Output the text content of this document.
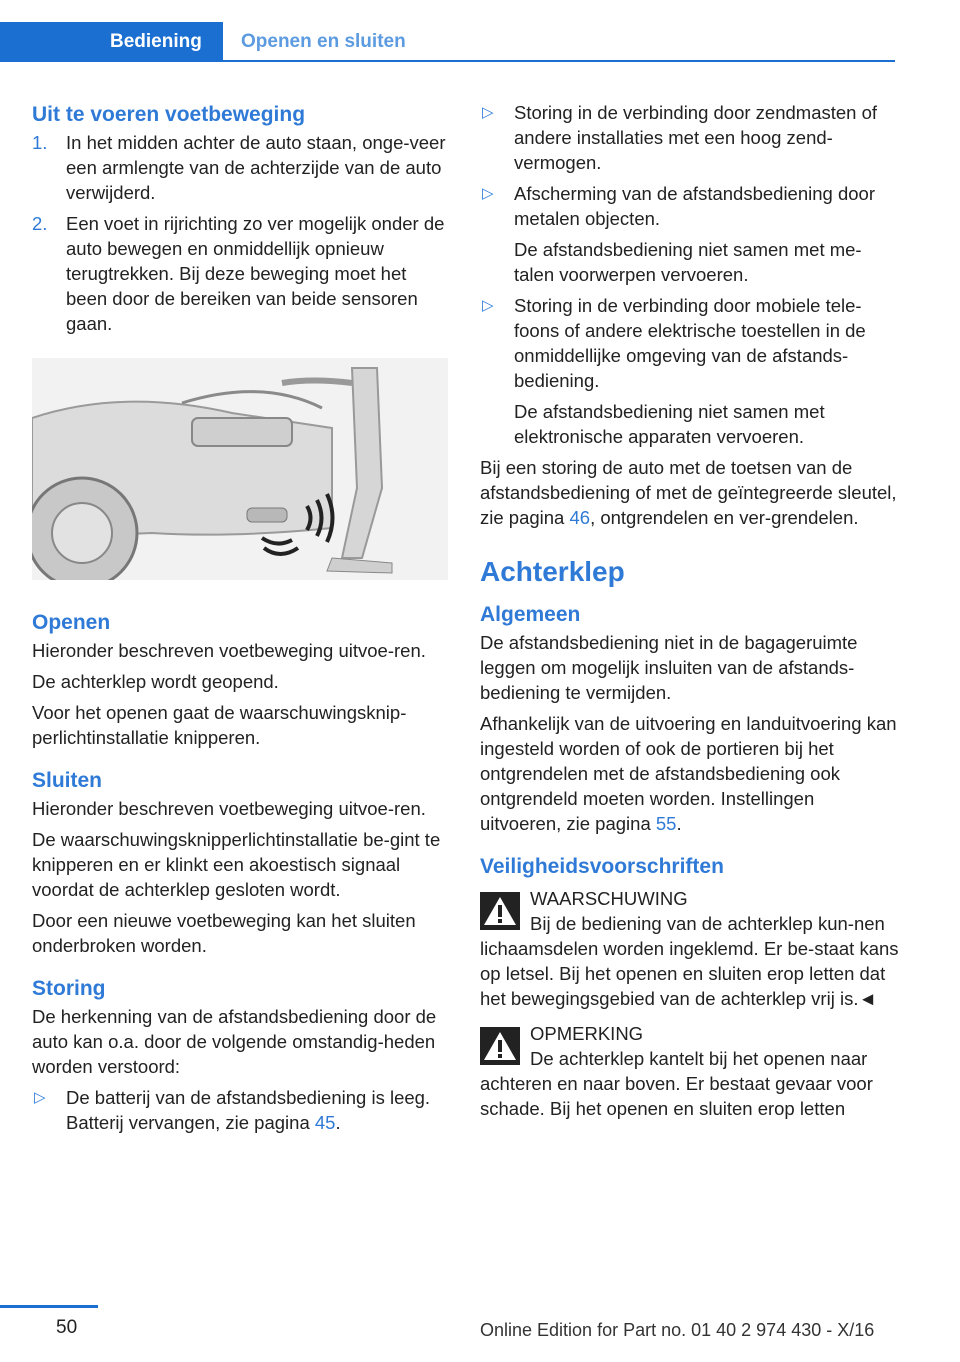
Bediening	Openen en sluiten
Uit te voeren voetbeweging
1. In het midden achter de auto staan, onge-veer een armlengte van de achterzijde van de auto verwijderd.
2. Een voet in rijrichting zo ver mogelijk onder de auto bewegen en onmiddellijk opnieuw terugtrekken. Bij deze beweging moet het been door de bereiken van beide sensoren gaan.
Openen

Hieronder beschreven voetbeweging uitvoe-ren.

De achterklep wordt geopend.

Voor het openen gaat de waarschuwingsknip-perlichtinstallatie knipperen.

Sluiten

Hieronder beschreven voetbeweging uitvoe-ren.

De waarschuwingsknipperlichtinstallatie be-gint te knipperen en er klinkt een akoestisch signaal voordat de achterklep gesloten wordt.

Door een nieuwe voetbeweging kan het sluiten onderbroken worden.

Storing

De herkenning van de afstandsbediening door de auto kan o.a. door de volgende omstandig-heden worden verstoord:

▷ De batterij van de afstandsbediening is leeg. Batterij vervangen, zie pagina 45.
▷ Storing in de verbinding door zendmasten of andere installaties met een hoog zend-vermogen.
▷ Afscherming van de afstandsbediening door metalen objecten.

De afstandsbediening niet samen met me-talen voorwerpen vervoeren.

▷ Storing in de verbinding door mobiele tele-foons of andere elektrische toestellen in de onmiddellijke omgeving van de afstands-bediening.

De afstandsbediening niet samen met elektronische apparaten vervoeren.

Bij een storing de auto met de toetsen van de afstandsbediening of met de geïntegreerde sleutel, zie pagina 46, ontgrendelen en ver-grendelen.

Achterklep
Algemeen

De afstandsbediening niet in de bagageruimte leggen om mogelijk insluiten van de afstands-bediening te vermijden.

Afhankelijk van de uitvoering en landuitvoering kan ingesteld worden of ook de portieren bij het ontgrendelen met de afstandsbediening ook ontgrendeld moeten worden. Instellingen uitvoeren, zie pagina 55.

Veiligheidsvoorschriften
WAARSCHUWING

Bij de bediening van de achterklep kun-nen lichaamsdelen worden ingeklemd. Er be-staat kans op letsel. Bij het openen en sluiten erop letten dat het bewegingsgebied van de achterklep vrij is.◄

OPMERKING

De achterklep kantelt bij het openen naar achteren en naar boven. Er bestaat gevaar voor schade. Bij het openen en sluiten erop letten

50	Online Edition for Part no. 01 40 2 974 430 - X/16
